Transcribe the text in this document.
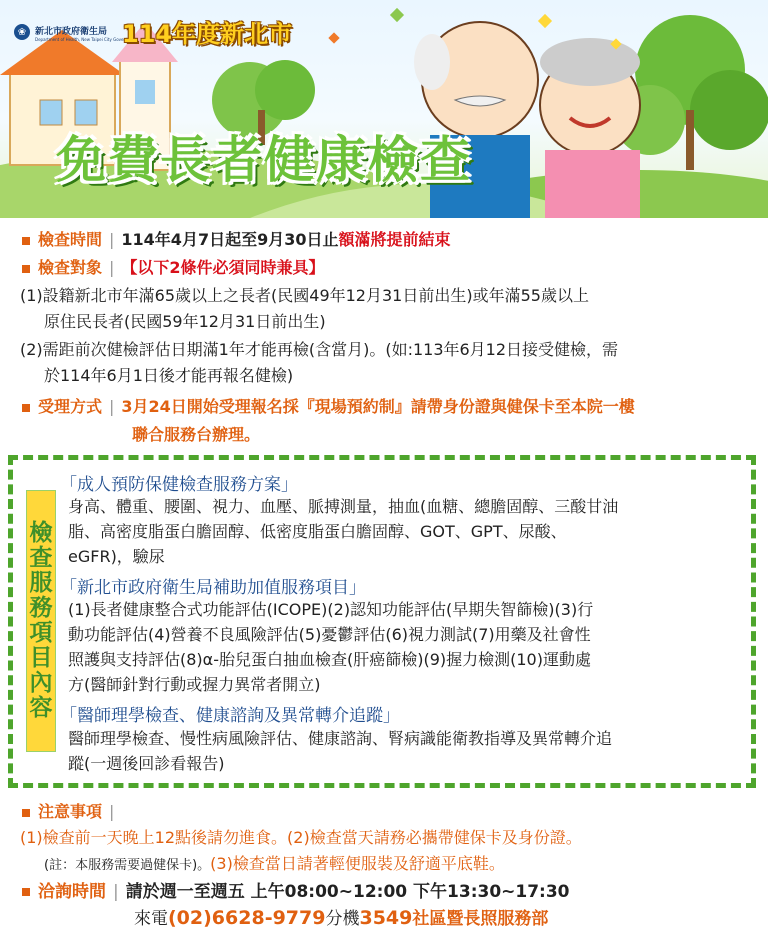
❀ 新北市政府衛生局
Department of Health, New Taipei City Government
114年度新北市
免費長者健康檢查
檢查時間 | 114年4月7日起至9月30日止額滿將提前結束
檢查對象 | 【以下2條件必須同時兼具】
(1)設籍新北市年滿65歲以上之長者(民國49年12月31日前出生)或年滿55歲以上
原住民長者(民國59年12月31日前出生)
(2)需距前次健檢評估日期滿1年才能再檢(含當月)。(如:113年6月12日接受健檢，需
於114年6月1日後才能再報名健檢)
受理方式 | 3月24日開始受理報名採『現場預約制』請帶身份證與健保卡至本院一樓
聯合服務台辦理。
檢
查
服
務
項
目
內
容
「成人預防保健檢查服務方案」
身高、體重、腰圍、視力、血壓、脈搏測量，抽血(血糖、總膽固醇、三酸甘油
脂、高密度脂蛋白膽固醇、低密度脂蛋白膽固醇、GOT、GPT、尿酸、
eGFR)，驗尿
「新北市政府衛生局補助加值服務項目」
(1)長者健康整合式功能評估(ICOPE)(2)認知功能評估(早期失智篩檢)(3)行
動功能評估(4)營養不良風險評估(5)憂鬱評估(6)視力測試(7)用藥及社會性
照護與支持評估(8)α-胎兒蛋白抽血檢查(肝癌篩檢)(9)握力檢測(10)運動處
方(醫師針對行動或握力異常者開立)
「醫師理學檢查、健康諮詢及異常轉介追蹤」
醫師理學檢查、慢性病風險評估、健康諮詢、腎病識能衛教指導及異常轉介追
蹤(一週後回診看報告)
注意事項 |
(1)檢查前一天晚上12點後請勿進食。(2)檢查當天請務必攜帶健保卡及身份證。
(註：本服務需要過健保卡)。(3)檢查當日請著輕便服裝及舒適平底鞋。
洽詢時間 | 請於週一至週五 上午08:00~12:00 下午13:30~17:30
來電(02)6628-9779分機3549社區暨長照服務部
